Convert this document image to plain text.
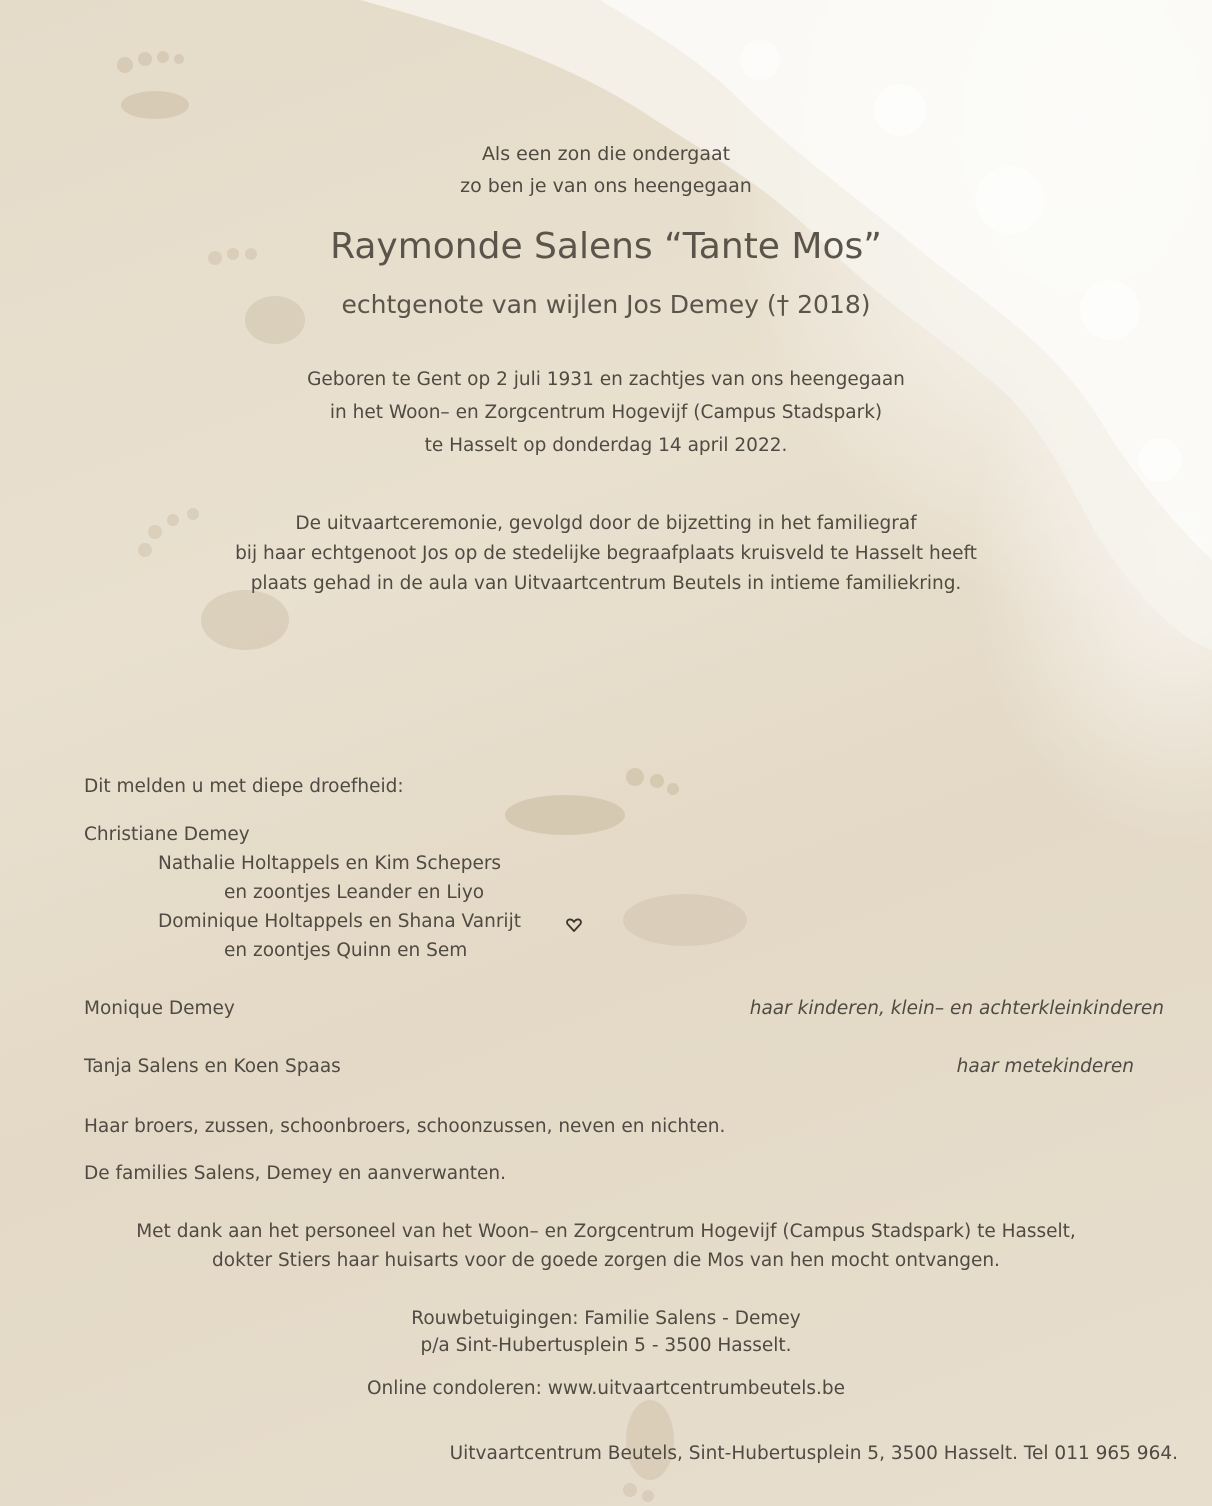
Als een zon die ondergaat

zo ben je van ons heengegaan

Raymonde Salens “Tante Mos”

echtgenote van wijlen Jos Demey († 2018)

Geboren te Gent op 2 juli 1931 en zachtjes van ons heengegaan

in het Woon– en Zorgcentrum Hogevijf (Campus Stadspark)

te Hasselt op donderdag 14 april 2022.

De uitvaartceremonie, gevolgd door de bijzetting in het familiegraf

bij haar echtgenoot Jos op de stedelijke begraafplaats kruisveld te Hasselt heeft

plaats gehad in de aula van Uitvaartcentrum Beutels in intieme familiekring.

Dit melden u met diepe droefheid:

Christiane Demey

Nathalie Holtappels en Kim Schepers

en zoontjes Leander en Liyo

Dominique Holtappels en Shana Vanrijt

en zoontjes Quinn en Sem

Monique Demey	haar kinderen, klein– en achterkleinkinderen

Tanja Salens en Koen Spaas	haar metekinderen

Haar broers, zussen, schoonbroers, schoonzussen, neven en nichten.

De families Salens, Demey en aanverwanten.

Met dank aan het personeel van het Woon– en Zorgcentrum Hogevijf (Campus Stadspark) te Hasselt,

dokter Stiers haar huisarts voor de goede zorgen die Mos van hen mocht ontvangen.

Rouwbetuigingen: Familie Salens - Demey

p/a Sint-Hubertusplein 5 - 3500 Hasselt.

Online condoleren: www.uitvaartcentrumbeutels.be

Uitvaartcentrum Beutels, Sint-Hubertusplein 5, 3500 Hasselt. Tel 011 965 964.
